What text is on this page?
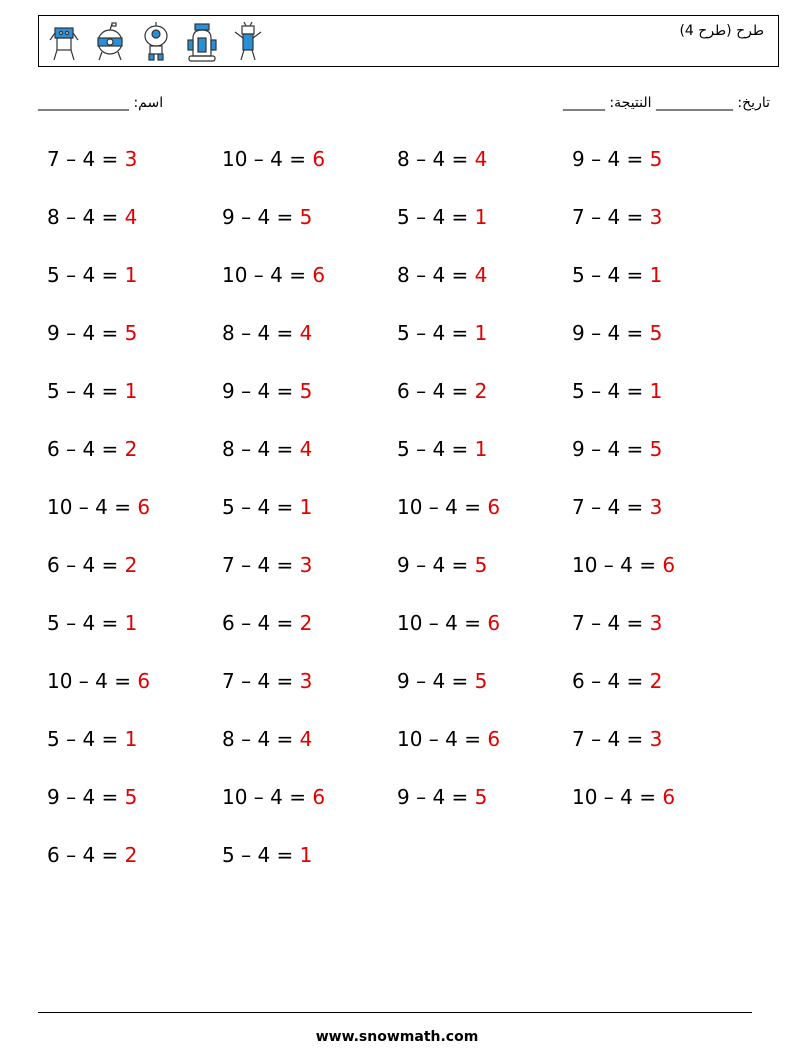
طرح (طرح 4)
اسم: _____________	تاريخ: ___________ النتيجة: ______
7 – 4 = 3	10 – 4 = 6	8 – 4 = 4	9 – 4 = 5
8 – 4 = 4	9 – 4 = 5	5 – 4 = 1	7 – 4 = 3
5 – 4 = 1	10 – 4 = 6	8 – 4 = 4	5 – 4 = 1
9 – 4 = 5	8 – 4 = 4	5 – 4 = 1	9 – 4 = 5
5 – 4 = 1	9 – 4 = 5	6 – 4 = 2	5 – 4 = 1
6 – 4 = 2	8 – 4 = 4	5 – 4 = 1	9 – 4 = 5
10 – 4 = 6	5 – 4 = 1	10 – 4 = 6	7 – 4 = 3
6 – 4 = 2	7 – 4 = 3	9 – 4 = 5	10 – 4 = 6
5 – 4 = 1	6 – 4 = 2	10 – 4 = 6	7 – 4 = 3
10 – 4 = 6	7 – 4 = 3	9 – 4 = 5	6 – 4 = 2
5 – 4 = 1	8 – 4 = 4	10 – 4 = 6	7 – 4 = 3
9 – 4 = 5	10 – 4 = 6	9 – 4 = 5	10 – 4 = 6
6 – 4 = 2	5 – 4 = 1
www.snowmath.com
